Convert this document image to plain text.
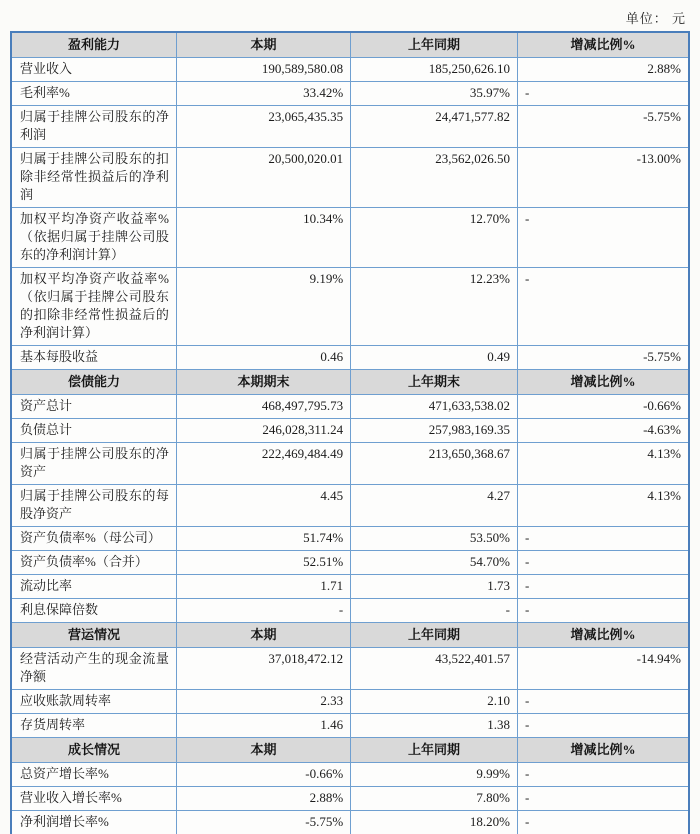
单位： 元
盈利能力	本期	上年同期	增减比例%
营业收入	190,589,580.08	185,250,626.10	2.88%
毛利率%	33.42%	35.97%	-
归属于挂牌公司股东的净利润	23,065,435.35	24,471,577.82	-5.75%
归属于挂牌公司股东的扣除非经常性损益后的净利润	20,500,020.01	23,562,026.50	-13.00%
加权平均净资产收益率%（依据归属于挂牌公司股东的净利润计算）	10.34%	12.70%	-
加权平均净资产收益率%（依归属于挂牌公司股东的扣除非经常性损益后的净利润计算）	9.19%	12.23%	-
基本每股收益	0.46	0.49	-5.75%
偿债能力	本期期末	上年期末	增减比例%
资产总计	468,497,795.73	471,633,538.02	-0.66%
负债总计	246,028,311.24	257,983,169.35	-4.63%
归属于挂牌公司股东的净资产	222,469,484.49	213,650,368.67	4.13%
归属于挂牌公司股东的每股净资产	4.45	4.27	4.13%
资产负债率%（母公司）	51.74%	53.50%	-
资产负债率%（合并）	52.51%	54.70%	-
流动比率	1.71	1.73	-
利息保障倍数	-	-	-
营运情况	本期	上年同期	增减比例%
经营活动产生的现金流量净额	37,018,472.12	43,522,401.57	-14.94%
应收账款周转率	2.33	2.10	-
存货周转率	1.46	1.38	-
成长情况	本期	上年同期	增减比例%
总资产增长率%	-0.66%	9.99%	-
营业收入增长率%	2.88%	7.80%	-
净利润增长率%	-5.75%	18.20%	-
